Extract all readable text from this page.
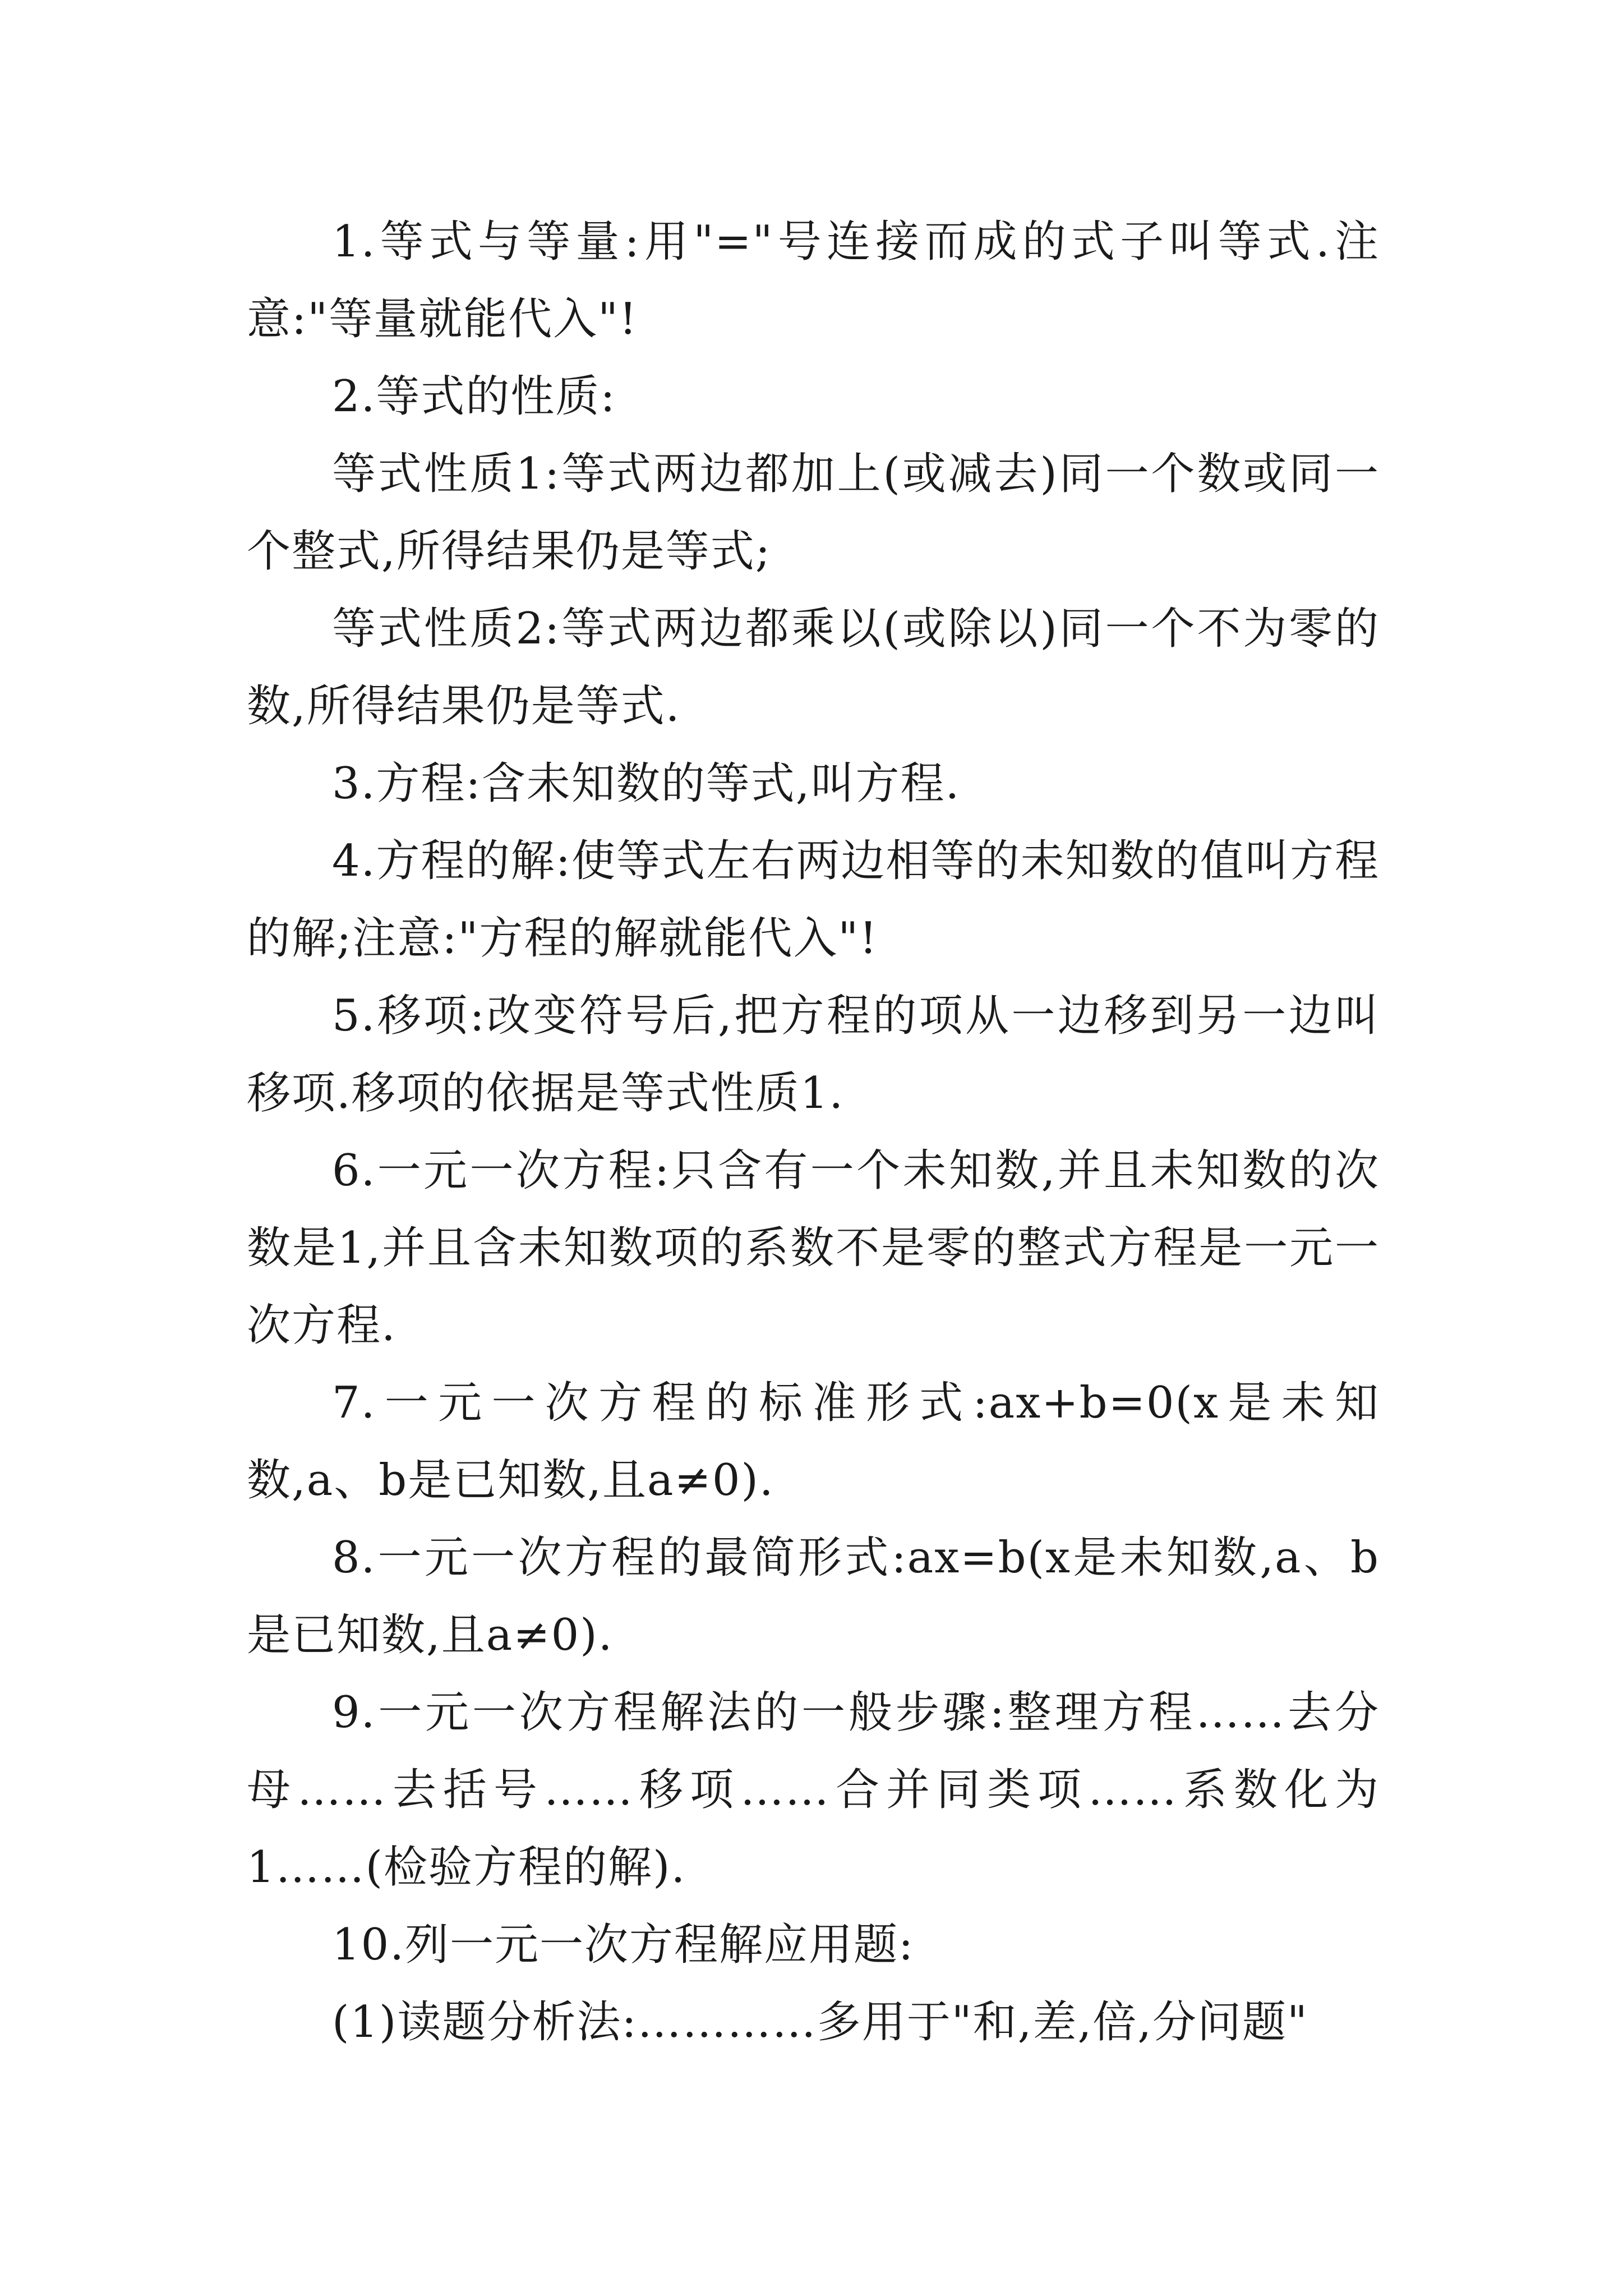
1.等式与等量:用"="号连接而成的式子叫等式.注意:"等量就能代入"!

2.等式的性质:

等式性质1:等式两边都加上(或减去)同一个数或同一个整式,所得结果仍是等式;

等式性质2:等式两边都乘以(或除以)同一个不为零的数,所得结果仍是等式.

3.方程:含未知数的等式,叫方程.

4.方程的解:使等式左右两边相等的未知数的值叫方程的解;注意:"方程的解就能代入"!

5.移项:改变符号后,把方程的项从一边移到另一边叫移项.移项的依据是等式性质1.

6.一元一次方程:只含有一个未知数,并且未知数的次数是1,并且含未知数项的系数不是零的整式方程是一元一次方程.

7.一元一次方程的标准形式:ax+b=0(x是未知数,a、b是已知数,且a≠0).

8.一元一次方程的最简形式:ax=b(x是未知数,a、b是已知数,且a≠0).

9.一元一次方程解法的一般步骤:整理方程……去分母……去括号……移项……合并同类项……系数化为1……(检验方程的解).

10.列一元一次方程解应用题:

(1)读题分析法:…………多用于"和,差,倍,分问题"
